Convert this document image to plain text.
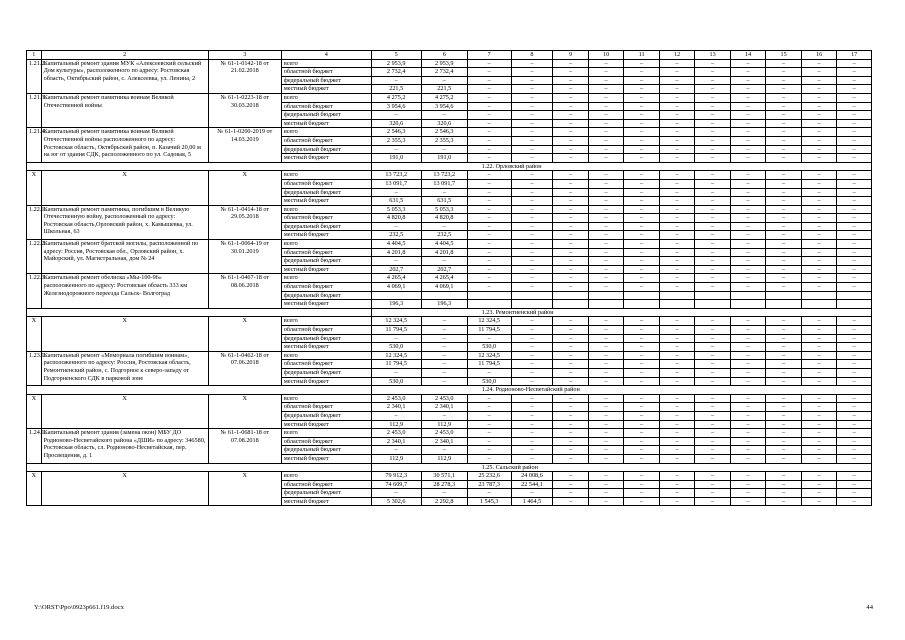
1	2	3	4	5	6	7	8	9	10	11	12	13	14	15	16	17
1.21.2.	Капитальный ремонт здания МУК «Алексеевский сельский Дом культуры», расположенного по адресу: Ростовская область, Октябрьский район, с. Алексеевка, ул. Ленина, 2	№ 61-1-0142-18 от 21.02.2018	всего	2 953,9	2 953,9	–	–	–	–	–	–	–	–	–	–	–
			областной бюджет	2 732,4	2 732,4	–	–	–	–	–	–	–	–	–	–	–
			федеральный бюджет	–	–	–	–	–	–	–	–	–	–	–	–	–
			местный бюджет	221,5	221,5	–	–	–	–	–	–	–	–	–	–	–
1.21.3.	Капитальный ремонт памятника воинам Великой Отечественной войны	№ 61-1-0223-18 от 30.03.2018	всего	4 275,2	4 275,2	–	–	–	–	–	–	–	–	–	–	–
			областной бюджет	3 954,6	3 954,6	–	–	–	–	–	–	–	–	–	–	–
			федеральный бюджет	–	–	–	–	–	–	–	–	–	–	–	–	–
			местный бюджет	320,6	320,6	–	–	–	–	–	–	–	–	–	–	–
1.21.4.	Капитальный ремонт памятника воинам Великой Отечественной войны расположенного по адресу: Ростовская область, Октябрьский район, п. Казачий 20,00 м на юг от здания СДК, расположенного по ул. Садовая, 5	№ 61-1-0200-2019 от 14.03.2019	всего	2 546,3	2 546,3	–	–	–	–	–	–	–	–	–	–	–
			областной бюджет	2 355,3	2 355,3	–	–	–	–	–	–	–	–	–	–	–
			федеральный бюджет	–	–	–	–	–	–	–	–	–	–	–	–	–
			местный бюджет	191,0	191,0	–	–	–	–	–	–	–	–	–	–	–
				1.22. Орловский район												
Х	Х	Х	всего	13 723,2	13 723,2	–	–	–	–	–	–	–	–	–	–	–
			областной бюджет	13 091,7	13 091,7	–	–	–	–	–	–	–	–	–	–	–
			федеральный бюджет	–	–	–	–	–	–	–	–	–	–	–	–	–
			местный бюджет	631,5	631,5	–	–	–	–	–	–	–	–	–	–	–
1.22.1.	Капитальный ремонт памятника, погибшим в Великую Отечественную войну, расположенный по адресу: Ростовская область,Орловский район, х. Камышевка, ул. Школьная, 63	№ 61-1-0414-18 от 29.05.2018	всего	5 053,3	5 053,3	–	–	–	–	–	–	–	–	–	–	–
			областной бюджет	4 820,8	4 820,8	–	–	–	–	–	–	–	–	–	–	–
			федеральный бюджет	–	–	–	–	–	–	–	–	–	–	–	–	–
			местный бюджет	232,5	232,5	–	–	–	–	–	–	–	–	–	–	–
1.22.2.	Капитальный ремонт братской могилы, расположенной по адресу: Россия, Ростовская обл., Орловский район, х. Майорский, ул. Магистральная, дом № 24	№ 61-1-0064-19 от 30.01.2019	всего	4 404,5	4 404,5	–	–	–	–	–	–	–	–	–	–	–
			областной бюджет	4 201,8	4 201,8	–	–	–	–	–	–	–	–	–	–	–
			федеральный бюджет	–	–	–	–	–	–	–	–	–	–	–	–	–
			местный бюджет	202,7	202,7	–	–	–	–	–	–	–	–	–	–	–
1.22.3.	Капитальный ремонт обелиска «Мы-100-96» расположенного по адресу: Ростовская область 333 км Железнодорожного переезда Сальск- Волгоград	№ 61-1-0467-18 от 08.06.2018	всего	4 265,4	4 265,4	–	–	–	–	–	–	–	–	–	–	–
			областной бюджет	4 069,1	4 069,1	–	–	–	–	–	–	–	–	–	–	–
			федеральный бюджет													
			местный бюджет	196,3	196,3											
				1.23. Ремонтненский район												
Х	Х	Х	всего	12 324,5	–	12 324,5	–	–	–	–	–	–	–	–	–	–
			областной бюджет	11 794,5	–	11 794,5	–	–	–	–	–	–	–	–	–	–
			федеральный бюджет	–	–	–	–	–	–	–	–	–	–	–	–	–
			местный бюджет	530,0	–	530,0	–	–	–	–	–	–	–	–	–	–
1.23.1.	Капитальный ремонт «Мемориала погибшим воинам», расположенного по адресу: Россия, Ростовская область, Ремонтненский район, с. Подгорное к северо-западу от Подгорненского СДК в парковой зоне	№ 61-1-0462-18 от 07.06.2018	всего	12 324,5	–	12 324,5	–	–	–	–	–	–	–	–	–	–
			областной бюджет	11 794,5	–	11 794,5	–	–	–	–	–	–	–	–	–	–
			федеральный бюджет	–	–	–	–	–	–	–	–	–	–	–	–	–
			местный бюджет	530,0	–	530,0	–	–	–	–	–	–	–	–	–	–
				1.24. Родионово-Несветайский район												
Х	Х	Х	всего	2 453,0	2 453,0	–	–	–	–	–	–	–	–	–	–	–
			областной бюджет	2 340,1	2 340,1	–	–	–	–	–	–	–	–	–	–	–
			федеральный бюджет	–	–	–	–	–	–	–	–	–	–	–	–	–
			местный бюджет	112,9	112,9	–	–	–	–	–	–	–	–	–	–	–
1.24.1.	Капитальный ремонт здания (замена окон) МБУ ДО Родионово-Несветайского района «ДШИ» по адресу: 346580, Ростовская область, сл. Родионово-Несветайская, пер. Просвещения, д. 1	№ 61-1-0681-18 от 07.08.2018	всего	2 453,0	2 453,0	–	–	–	–	–	–	–	–	–	–	–
			областной бюджет	2 340,1	2 340,1	–	–	–	–	–	–	–	–	–	–	–
			федеральный бюджет	–	–	–	–	–	–	–	–	–	–	–	–	–
			местный бюджет	112,9	112,9	–	–	–	–	–	–	–	–	–	–	–
				1.25. Сальский район												
Х	Х	Х	всего	79 912,3	30 571,1	25 232,6	24 008,6	–	–	–	–	–	–	–	–	–
			областной бюджет	74 609,7	28 278,3	23 787,3	22 544,1	–	–	–	–	–	–	–	–	–
			федеральный бюджет	–	–	–	–	–	–	–	–	–	–	–	–	–
			местный бюджет	5 302,6	2 292,8	1 545,3	1 464,5	–	–	–	–	–	–	–	–	–
Y:\ORST\Ppo\0923p661.f19.docx	44
